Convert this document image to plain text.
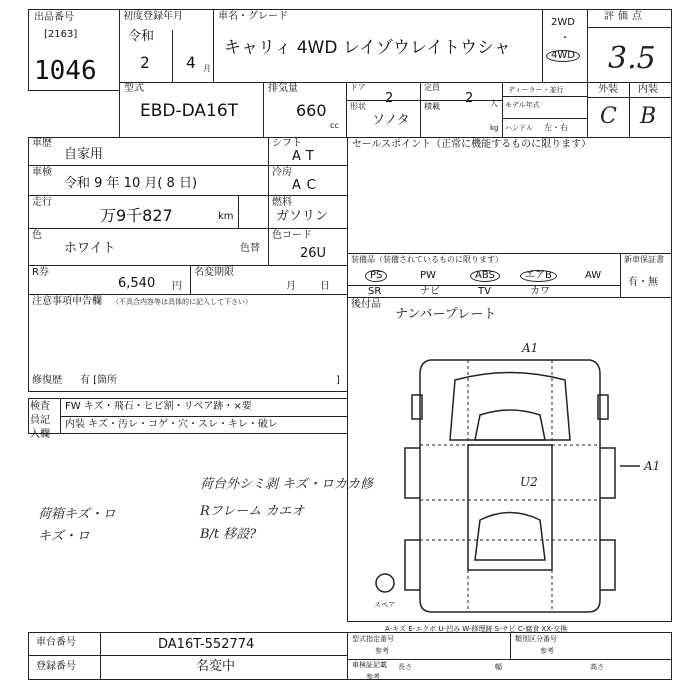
出品番号
[2163]
1046
初度登録年月
令和
2 4 月
車名・グレード
キャリィ 4WD レイゾウレイトウシャ
2WD
・
4WD
評価点
3.5
型式
EBD-DA16T
排気量
660
cc
ドア
2
定員
2 人
形状
ソノタ
積載
kg
ディーラー・並行
モデル年式
ハンドル 左・右
外装 内装
C B
車歴
自家用
シフト
AT
車検
令和 9 年 10 月( 8 日)
冷房
AC
走行
万9千827	km
燃料
ガソリン
色
ホワイト	色替
色コード
26U
R券
6,540 円
名変期限
月 日
セールスポイント（正常に機能するものに限ります）
装備品（装備されているものに限ります）	新車保証書
有・無
PS	PW	ABS	エアB	AW
SR	ナビ	TV	カワ
注意事項申告欄 （不具合内容等は具体的に記入して下さい）
修復歴 有 [箇所	]
後付品
ナンバープレート
検査員記入欄
FW キズ・飛石・ヒビ割・リペア跡・×要
内装 キズ・汚レ・コゲ・穴・スレ・キレ・破レ
荷台外シミ剥 キズ・ロカカ修
Rフレーム カエオ
B/t 移設?
荷箱キズ・ロ
キズ・ロ
A1
U2
A1
スペア
A-キズ E-エクボ U-凹み W-修理跡 S-サビ C-腐食 XX-交換
車台番号	DA16T-552774
登録番号	名変中
型式指定番号
参考
類別区分番号
参考
車検証記載
参考
長さ	幅	高さ
